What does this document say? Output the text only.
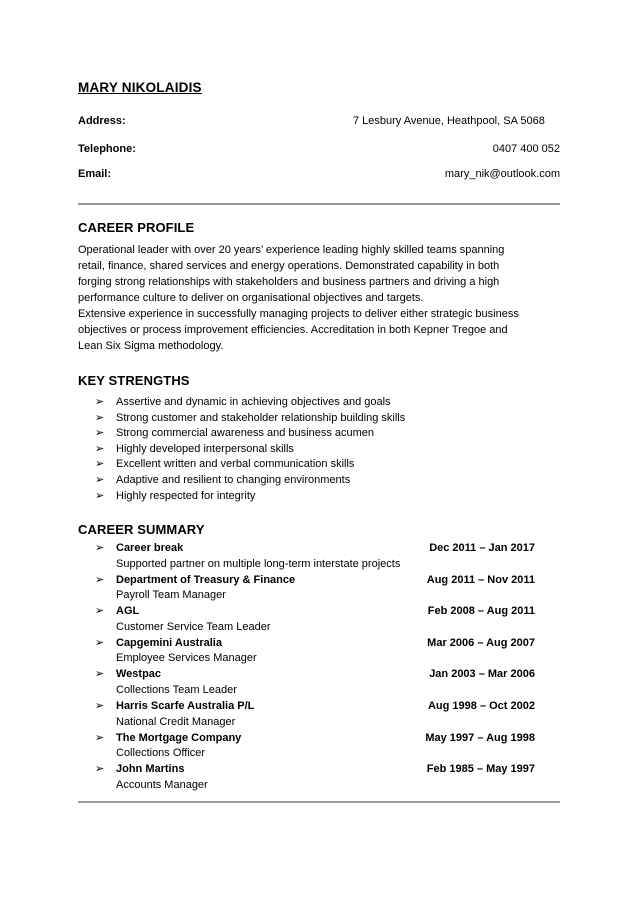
MARY NIKOLAIDIS
Address:	7 Lesbury Avenue, Heathpool, SA 5068
Telephone:	0407 400 052
Email:	mary_nik@outlook.com
CAREER PROFILE

Operational leader with over 20 years’ experience leading highly skilled teams spanning

retail, finance, shared services and energy operations. Demonstrated capability in both

forging strong relationships with stakeholders and business partners and driving a high

performance culture to deliver on organisational objectives and targets.

Extensive experience in successfully managing projects to deliver either strategic business

objectives or process improvement efficiencies. Accreditation in both Kepner Tregoe and

Lean Six Sigma methodology.

KEY STRENGTHS
➢ Assertive and dynamic in achieving objectives and goals
➢ Strong customer and stakeholder relationship building skills
➢ Strong commercial awareness and business acumen
➢ Highly developed interpersonal skills
➢ Excellent written and verbal communication skills
➢ Adaptive and resilient to changing environments
➢ Highly respected for integrity
CAREER SUMMARY
➢ Career break	Dec 2011 – Jan 2017
Supported partner on multiple long-term interstate projects
➢ Department of Treasury & Finance	Aug 2011 – Nov 2011
Payroll Team Manager
➢ AGL	Feb 2008 – Aug 2011
Customer Service Team Leader
➢ Capgemini Australia	Mar 2006 – Aug 2007
Employee Services Manager
➢ Westpac	Jan 2003 – Mar 2006
Collections Team Leader
➢ Harris Scarfe Australia P/L	Aug 1998 – Oct 2002
National Credit Manager
➢ The Mortgage Company	May 1997 – Aug 1998
Collections Officer
➢ John Martins	Feb 1985 – May 1997
Accounts Manager
